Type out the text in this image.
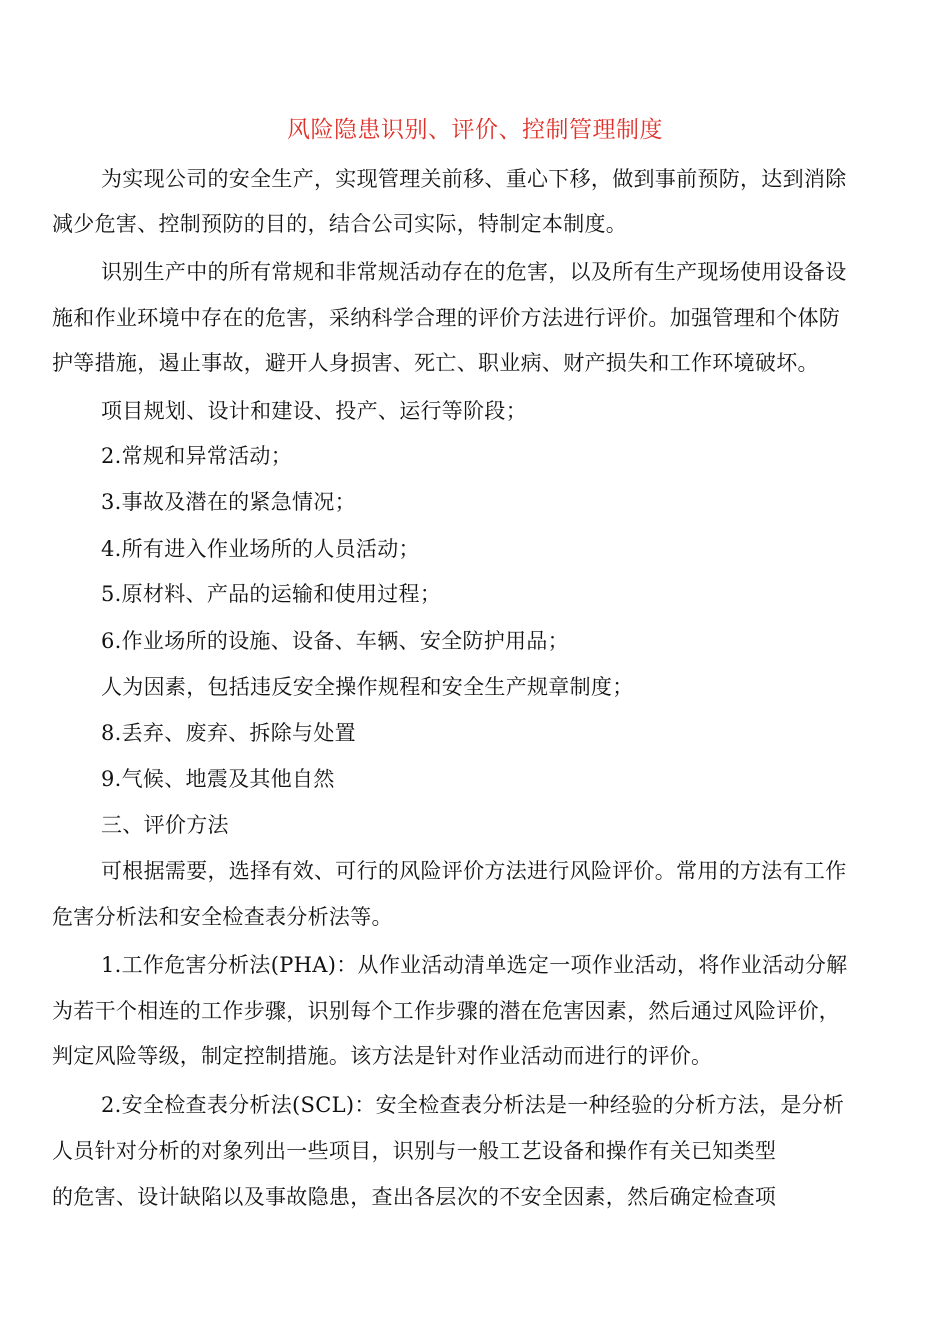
风险隐患识别、评价、控制管理制度
为实现公司的安全生产，实现管理关前移、重心下移，做到事前预防，达到消除
减少危害、控制预防的目的，结合公司实际，特制定本制度。
识别生产中的所有常规和非常规活动存在的危害，以及所有生产现场使用设备设
施和作业环境中存在的危害，采纳科学合理的评价方法进行评价。加强管理和个体防
护等措施，遏止事故，避开人身损害、死亡、职业病、财产损失和工作环境破坏。
项目规划、设计和建设、投产、运行等阶段；
2.常规和异常活动；
3.事故及潜在的紧急情况；
4.所有进入作业场所的人员活动；
5.原材料、产品的运输和使用过程；
6.作业场所的设施、设备、车辆、安全防护用品；
人为因素，包括违反安全操作规程和安全生产规章制度；
8.丢弃、废弃、拆除与处置
9.气候、地震及其他自然
三、评价方法
可根据需要，选择有效、可行的风险评价方法进行风险评价。常用的方法有工作
危害分析法和安全检查表分析法等。
1.工作危害分析法(PHA)：从作业活动清单选定一项作业活动，将作业活动分解
为若干个相连的工作步骤，识别每个工作步骤的潜在危害因素，然后通过风险评价，
判定风险等级，制定控制措施。该方法是针对作业活动而进行的评价。
2.安全检查表分析法(SCL)：安全检查表分析法是一种经验的分析方法，是分析
人员针对分析的对象列出一些项目，识别与一般工艺设备和操作有关已知类型
的危害、设计缺陷以及事故隐患，查出各层次的不安全因素，然后确定检查项
